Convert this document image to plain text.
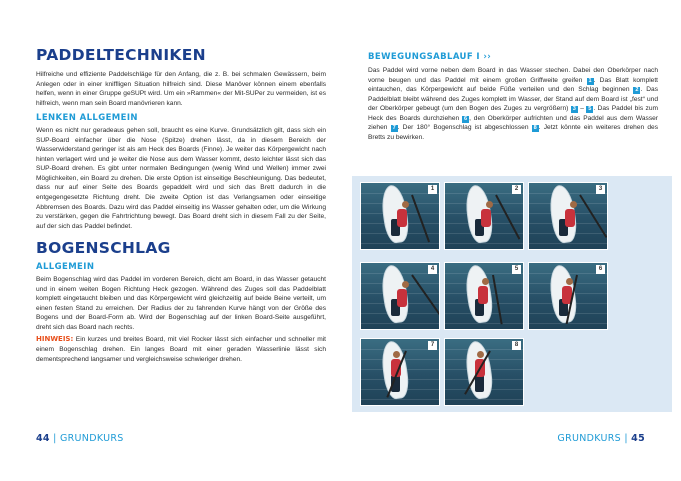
PADDELTECHNIKEN

Hilfreiche und effiziente Paddelschläge für den Anfang, die z. B. bei schmalen Gewässern, beim Anlegen oder in einer kniffligen Situation hilfreich sind. Diese Manöver können einem ebenfalls helfen, wenn in einer Gruppe geSUPt wird. Um ein »Rammen« der Mit-SUPer zu vermeiden, ist es hilfreich, wenn man sein Board manövrieren kann.

LENKEN ALLGEMEIN

Wenn es nicht nur geradeaus gehen soll, braucht es eine Kurve. Grundsätzlich gilt, dass sich ein SUP-Board einfacher über die Nose (Spitze) drehen lässt, da in diesem Bereich der Wasserwiderstand geringer ist als am Heck des Boards (Finne). Je weiter das Körpergewicht nach hinten verlagert wird und je weiter die Nose aus dem Wasser kommt, desto leichter lässt sich das SUP-Board drehen. Es gibt unter normalen Bedingungen (wenig Wind und Wellen) immer zwei Möglichkeiten, ein Board zu drehen. Die erste Option ist einseitige Beschleunigung. Das bedeutet, dass nur auf einer Seite des Boards gepaddelt wird und sich das Brett dadurch in die entgegengesetzte Richtung dreht. Die zweite Option ist das Verlangsamen oder einseitige Abbremsen des Boards. Dazu wird das Paddel einseitig ins Wasser gehalten oder, um die Wirkung zu verstärken, gegen die Fahrtrichtung bewegt. Das Board dreht sich in diesem Fall zu der Seite, auf der sich das Paddel befindet.

BOGENSCHLAG
ALLGEMEIN

Beim Bogenschlag wird das Paddel im vorderen Bereich, dicht am Board, in das Wasser getaucht und in einem weiten Bogen Richtung Heck gezogen. Während des Zuges soll das Paddelblatt komplett eingetaucht bleiben und das Körpergewicht wird gleichzeitig auf beide Beine verteilt, um einen festen Stand zu erreichen. Der Radius der zu fahrenden Kurve hängt von der Größe des Bogens und der Board-Form ab. Wird der Bogenschlag auf der linken Board-Seite ausgeführt, dreht sich das Board nach rechts.

HINWEIS: Ein kurzes und breites Board, mit viel Rocker lässt sich einfacher und schneller mit einem Bogenschlag drehen. Ein langes Board mit einer geraden Wasserlinie lässt sich dementsprechend langsamer und vergleichsweise schwieriger drehen.

44 | GRUNDKURS
BEWEGUNGSABLAUF I ››

Das Paddel wird vorne neben dem Board in das Wasser stechen. Dabei den Oberkörper nach vorne beugen und das Paddel mit einem großen Griffweite greifen 1 . Das Blatt komplett eintauchen, das Körpergewicht auf beide Füße verteilen und den Schlag beginnen 2 . Das Paddelblatt bleibt während des Zuges komplett im Wasser, der Stand auf dem Board ist „fest“ und der Oberkörper gebeugt (um den Bogen des Zuges zu vergrößern) 3 – 5 . Das Paddel bis zum Heck des Boards durchziehen 6 , den Oberkörper aufrichten und das Paddel aus dem Wasser ziehen 7 . Der 180° Bogenschlag ist abgeschlossen 8 . Jetzt könnte ein weiteres drehen des Bretts zu bewirken.

1	2	3
4	5	6
7	8
GRUNDKURS | 45
